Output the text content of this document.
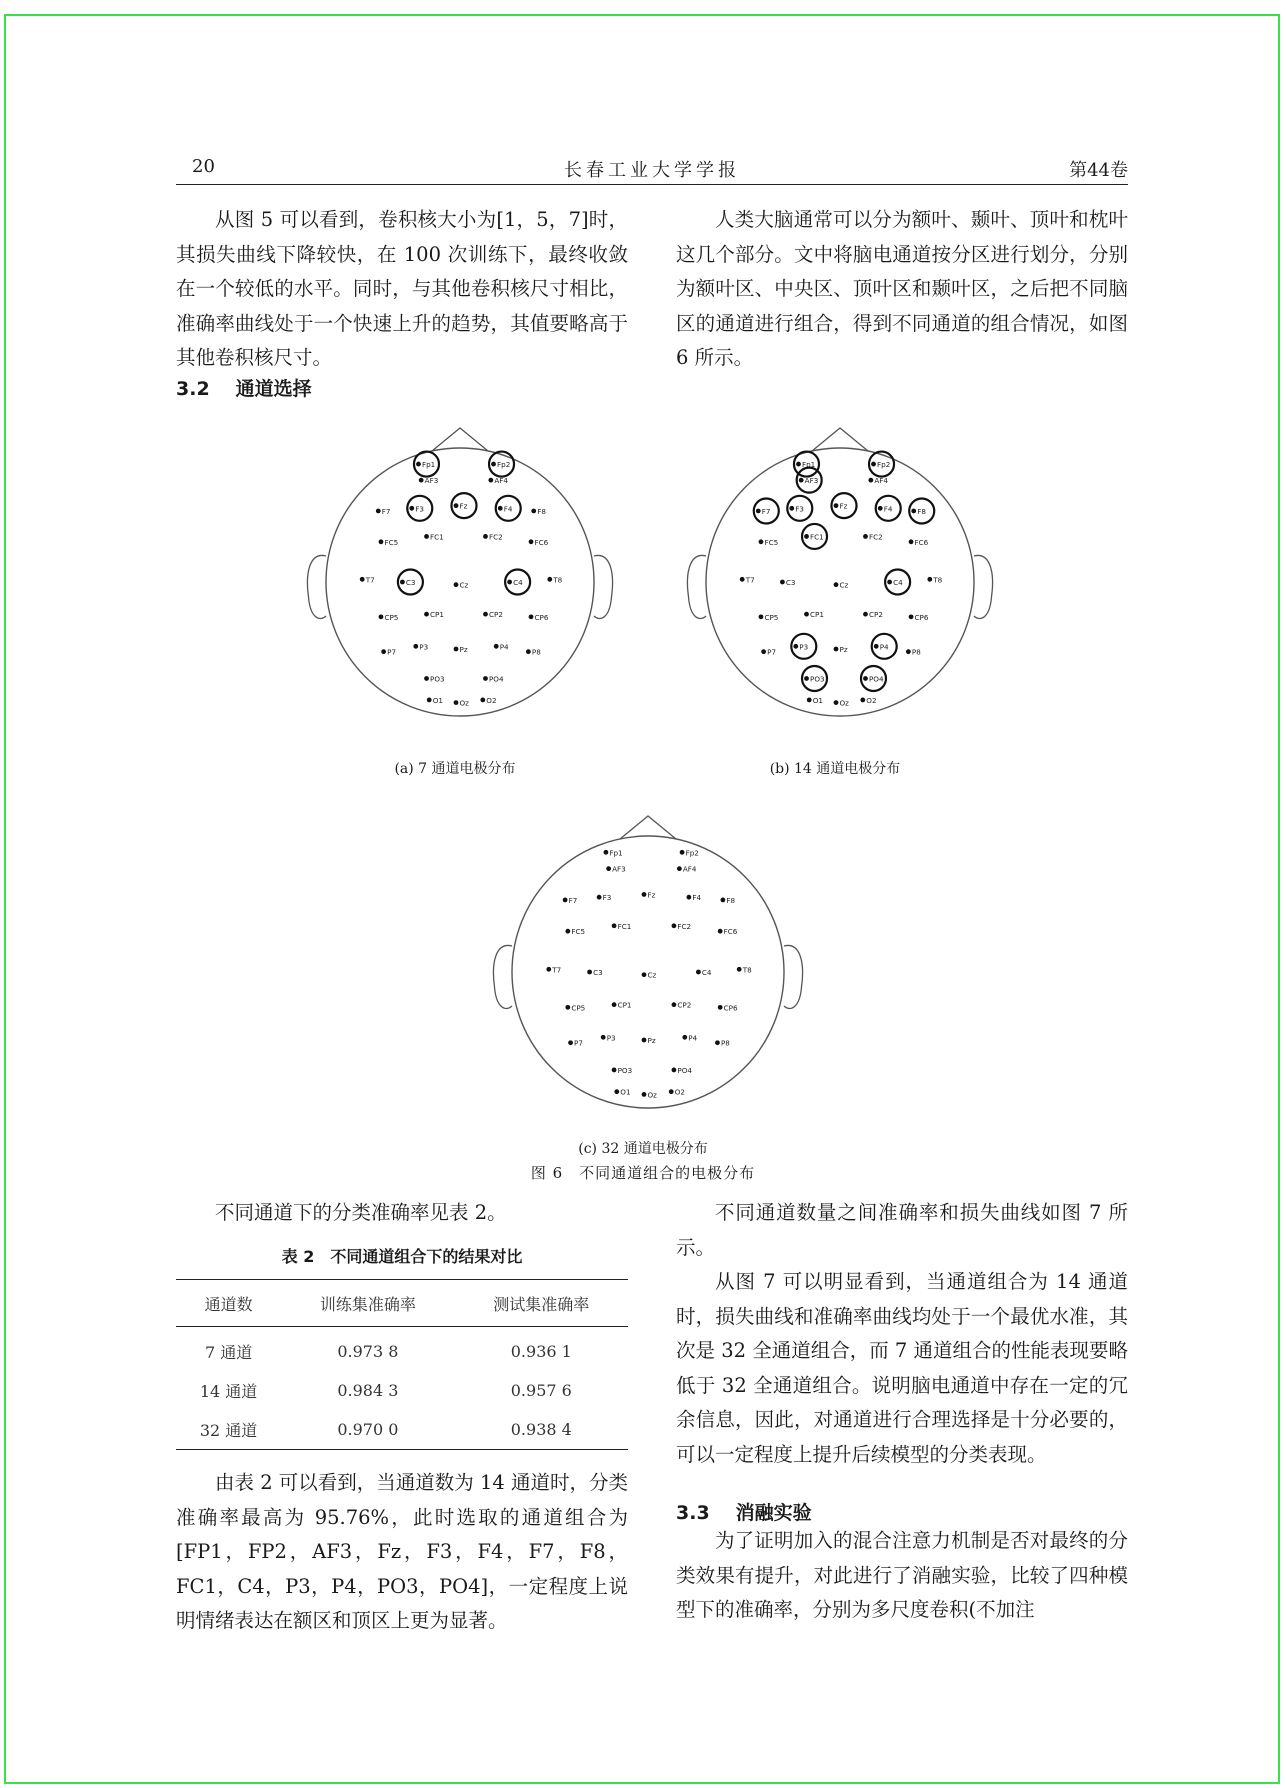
20	长春工业大学学报	第44卷

从图 5 可以看到，卷积核大小为[1，5，7]时，其损失曲线下降较快，在 100 次训练下，最终收敛在一个较低的水平。同时，与其他卷积核尺寸相比，准确率曲线处于一个快速上升的趋势，其值要略高于其他卷积核尺寸。

人类大脑通常可以分为额叶、颞叶、顶叶和枕叶这几个部分。文中将脑电通道按分区进行划分，分别为额叶区、中央区、顶叶区和颞叶区，之后把不同脑区的通道进行组合，得到不同通道的组合情况，如图 6 所示。

3.2 通道选择
Fp1	Fp2
AF3	AF4
F7	F3	Fz	F4	F8
FC5
FC1	FC2
FC6
T7	C3	Cz	C4	T8
CP5	CP1	CP2	CP6
P7
P3	Pz	P4
P8
PO3	PO4
O1 Oz O2
Fp1	Fp2
AF3	AF4
F7	F3	Fz	F4	F8
FC5
FC1	FC2
FC6
T7	C3	Cz	C4	T8
CP5	CP1	CP2	CP6
P7
P3	Pz	P4
P8
PO3	PO4
O1 Oz O2
(a) 7 通道电极分布	(b) 14 通道电极分布
Fp1	Fp2
AF3	AF4
F7	F3	Fz	F4	F8
FC5
FC1	FC2
FC6
T7	C3	Cz	C4	T8
CP5	CP1	CP2	CP6
P7
P3	Pz	P4
P8
PO3	PO4
O1 Oz O2
(c) 32 通道电极分布
图 6　不同通道组合的电极分布

不同通道下的分类准确率见表 2。

表 2　不同通道组合下的结果对比
通道数	训练集准确率	测试集准确率
7 通道	0.973 8	0.936 1
14 通道	0.984 3	0.957 6
32 通道	0.970 0	0.938 4

由表 2 可以看到，当通道数为 14 通道时，分类准确率最高为 95.76%，此时选取的通道组合为[FP1，FP2，AF3，Fz，F3，F4，F7，F8，FC1，C4，P3，P4，PO3，PO4]，一定程度上说明情绪表达在额区和顶区上更为显著。

不同通道数量之间准确率和损失曲线如图 7 所示。

从图 7 可以明显看到，当通道组合为 14 通道时，损失曲线和准确率曲线均处于一个最优水准，其次是 32 全通道组合，而 7 通道组合的性能表现要略低于 32 全通道组合。说明脑电通道中存在一定的冗余信息，因此，对通道进行合理选择是十分必要的，可以一定程度上提升后续模型的分类表现。

3.3 消融实验

为了证明加入的混合注意力机制是否对最终的分类效果有提升，对此进行了消融实验，比较了四种模型下的准确率，分别为多尺度卷积(不加注
